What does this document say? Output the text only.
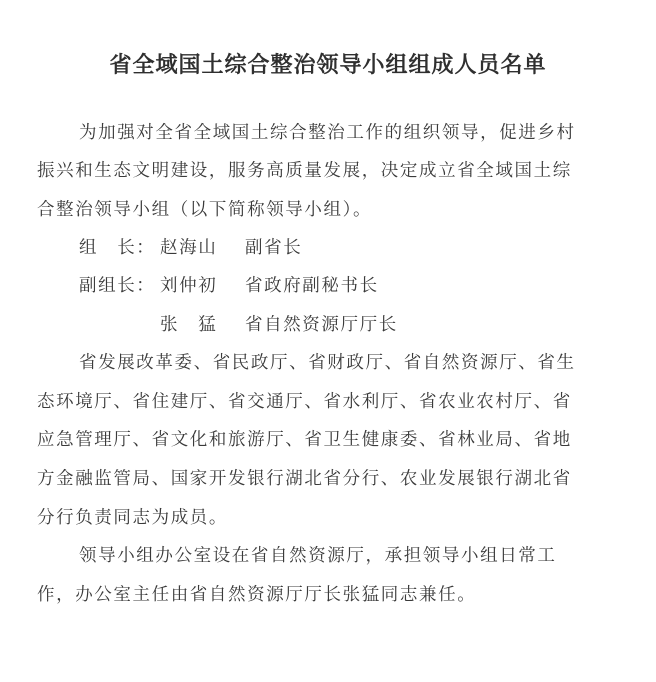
省全域国土综合整治领导小组组成人员名单
为加强对全省全域国土综合整治工作的组织领导，促进乡村
振兴和生态文明建设，服务高质量发展，决定成立省全域国土综
合整治领导小组（以下简称领导小组）。
组　长： 赵海山 副省长
副组长： 刘仲初 省政府副秘书长
张　猛 省自然资源厅厅长
省发展改革委、省民政厅、省财政厅、省自然资源厅、省生
态环境厅、省住建厅、省交通厅、省水利厅、省农业农村厅、省
应急管理厅、省文化和旅游厅、省卫生健康委、省林业局、省地
方金融监管局、国家开发银行湖北省分行、农业发展银行湖北省
分行负责同志为成员。
领导小组办公室设在省自然资源厅，承担领导小组日常工
作，办公室主任由省自然资源厅厅长张猛同志兼任。
